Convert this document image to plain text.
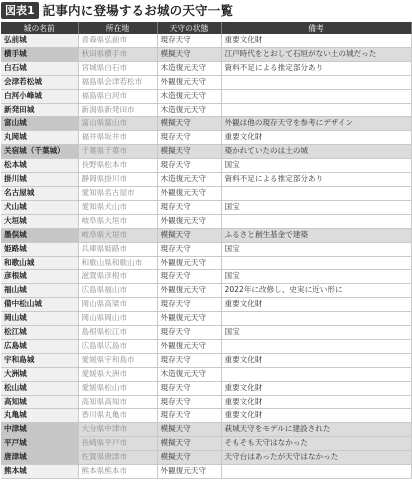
図表1 記事内に登場するお城の天守一覧
城の名前	所在地	天守の状態	備考
弘前城	青森県弘前市	現存天守	重要文化財
横手城	秋田県横手市	模擬天守	江戸時代をとおして石垣がない土の城だった
白石城	宮城県白石市	木造復元天守	資料不足による推定部分あり
会津若松城	福島県会津若松市	外観復元天守	
白河小峰城	福島県白河市	木造復元天守	
新発田城	新潟県新発田市	木造復元天守	
富山城	富山県富山市	模擬天守	外観は他の現存天守を参考にデザイン
丸岡城	福井県坂井市	現存天守	重要文化財
关宿城（千葉城）	千葉県千葉市	模擬天守	築かれていたのは土の城
松本城	長野県松本市	現存天守	国宝
掛川城	静岡県掛川市	木造復元天守	資料不足による推定部分あり
名古屋城	愛知県名古屋市	外観復元天守	
犬山城	愛知県犬山市	現存天守	国宝
大垣城	岐阜県大垣市	外観復元天守	
墨俣城	岐阜県大垣市	模擬天守	ふるさと創生基金で建築
姫路城	兵庫県姫路市	現存天守	国宝
和歌山城	和歌山県和歌山市	外観復元天守	
彦根城	滋賀県彦根市	現存天守	国宝
福山城	広島県福山市	外観復元天守	2022年に改修し、史実に近い形に
備中松山城	岡山県高梁市	現存天守	重要文化財
岡山城	岡山県岡山市	外観復元天守	
松江城	島根県松江市	現存天守	国宝
広島城	広島県広島市	外観復元天守	
宇和島城	愛媛県宇和島市	現存天守	重要文化財
大洲城	愛媛県大洲市	木造復元天守	
松山城	愛媛県松山市	現存天守	重要文化財
高知城	高知県高知市	現存天守	重要文化財
丸亀城	香川県丸亀市	現存天守	重要文化財
中津城	大分県中津市	模擬天守	萩城天守をモデルに建設された
平戸城	長崎県平戸市	模擬天守	そもそも天守はなかった
唐津城	佐賀県唐津市	模擬天守	天守台はあったが天守はなかった
熊本城	熊本県熊本市	外観復元天守	
